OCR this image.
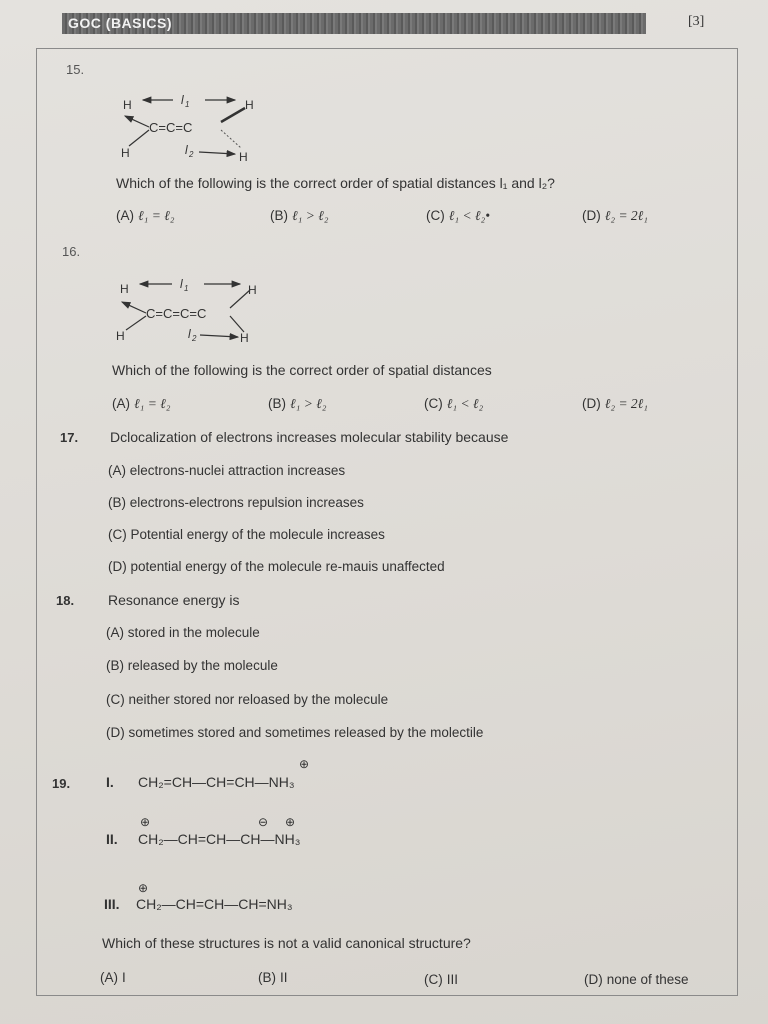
GOC (BASICS)	[3]
15.
H	H
H	H
l 1
C=C=C
l 2
Which of the following is the correct order of spatial distances l₁ and l₂?
(A) ℓ₁ = ℓ₂	(B) ℓ₁ > ℓ₂	(C) ℓ₁ < ℓ₂•	(D) ℓ₂ = 2ℓ₁
16.
H	H
H	H
l 1
C=C=C=C
l 2
Which of the following is the correct order of spatial distances
(A) ℓ₁ = ℓ₂	(B) ℓ₁ > ℓ₂	(C) ℓ₁ < ℓ₂	(D) ℓ₂ = 2ℓ₁
17. Dclocalization of electrons increases molecular stability because
(A) electrons-nuclei attraction increases
(B) electrons-electrons repulsion increases
(C) Potential energy of the molecule increases
(D) potential energy of the molecule re-mauis unaffected
18. Resonance energy is
(A) stored in the molecule
(B) released by the molecule
(C) neither stored nor reloased by the molecule
(D) sometimes stored and sometimes released by the molectile
19.
⊕
I. CH₂=CH—CH=CH—NH₃
⊕	⊖ ⊕
II. CH₂—CH=CH—CH—NH₃
⊕
III. CH₂—CH=CH—CH=NH₃
Which of these structures is not a valid canonical structure?
(A) I	(B) II	(C) III	(D) none of these
